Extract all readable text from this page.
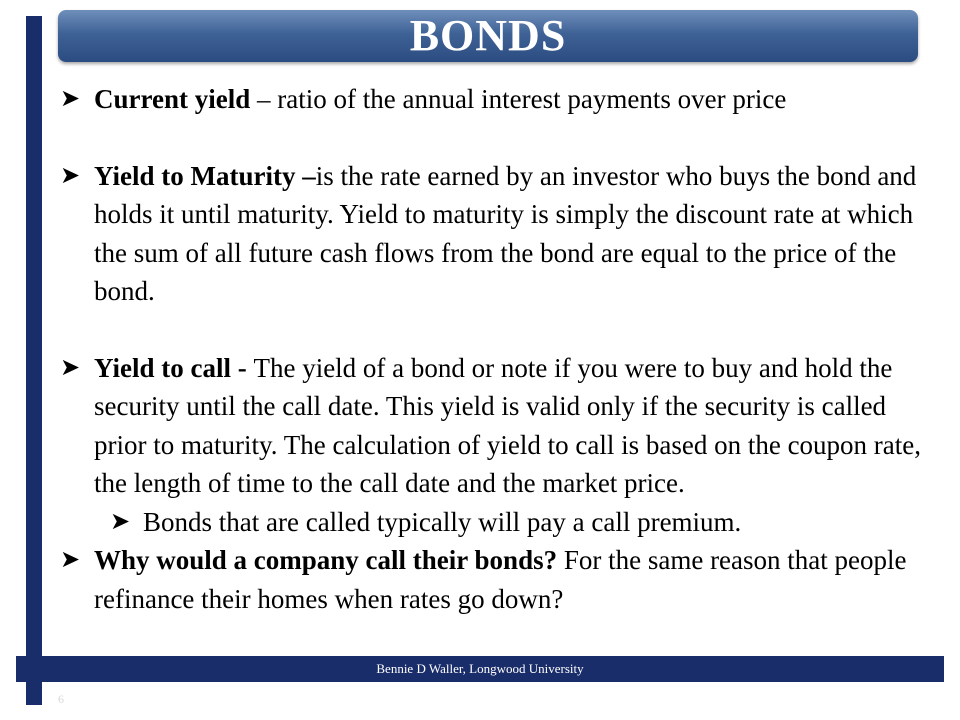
BONDS
➤ Current yield – ratio of the annual interest payments over price
➤ Yield to Maturity –is the rate earned by an investor who buys the bond and holds it until maturity. Yield to maturity is simply the discount rate at which the sum of all future cash flows from the bond are equal to the price of the bond.
➤ Yield to call - The yield of a bond or note if you were to buy and hold the security until the call date. This yield is valid only if the security is called prior to maturity. The calculation of yield to call is based on the coupon rate, the length of time to the call date and the market price.
➤ Bonds that are called typically will pay a call premium.
➤ Why would a company call their bonds? For the same reason that people refinance their homes when rates go down?
Bennie D Waller, Longwood University
6
